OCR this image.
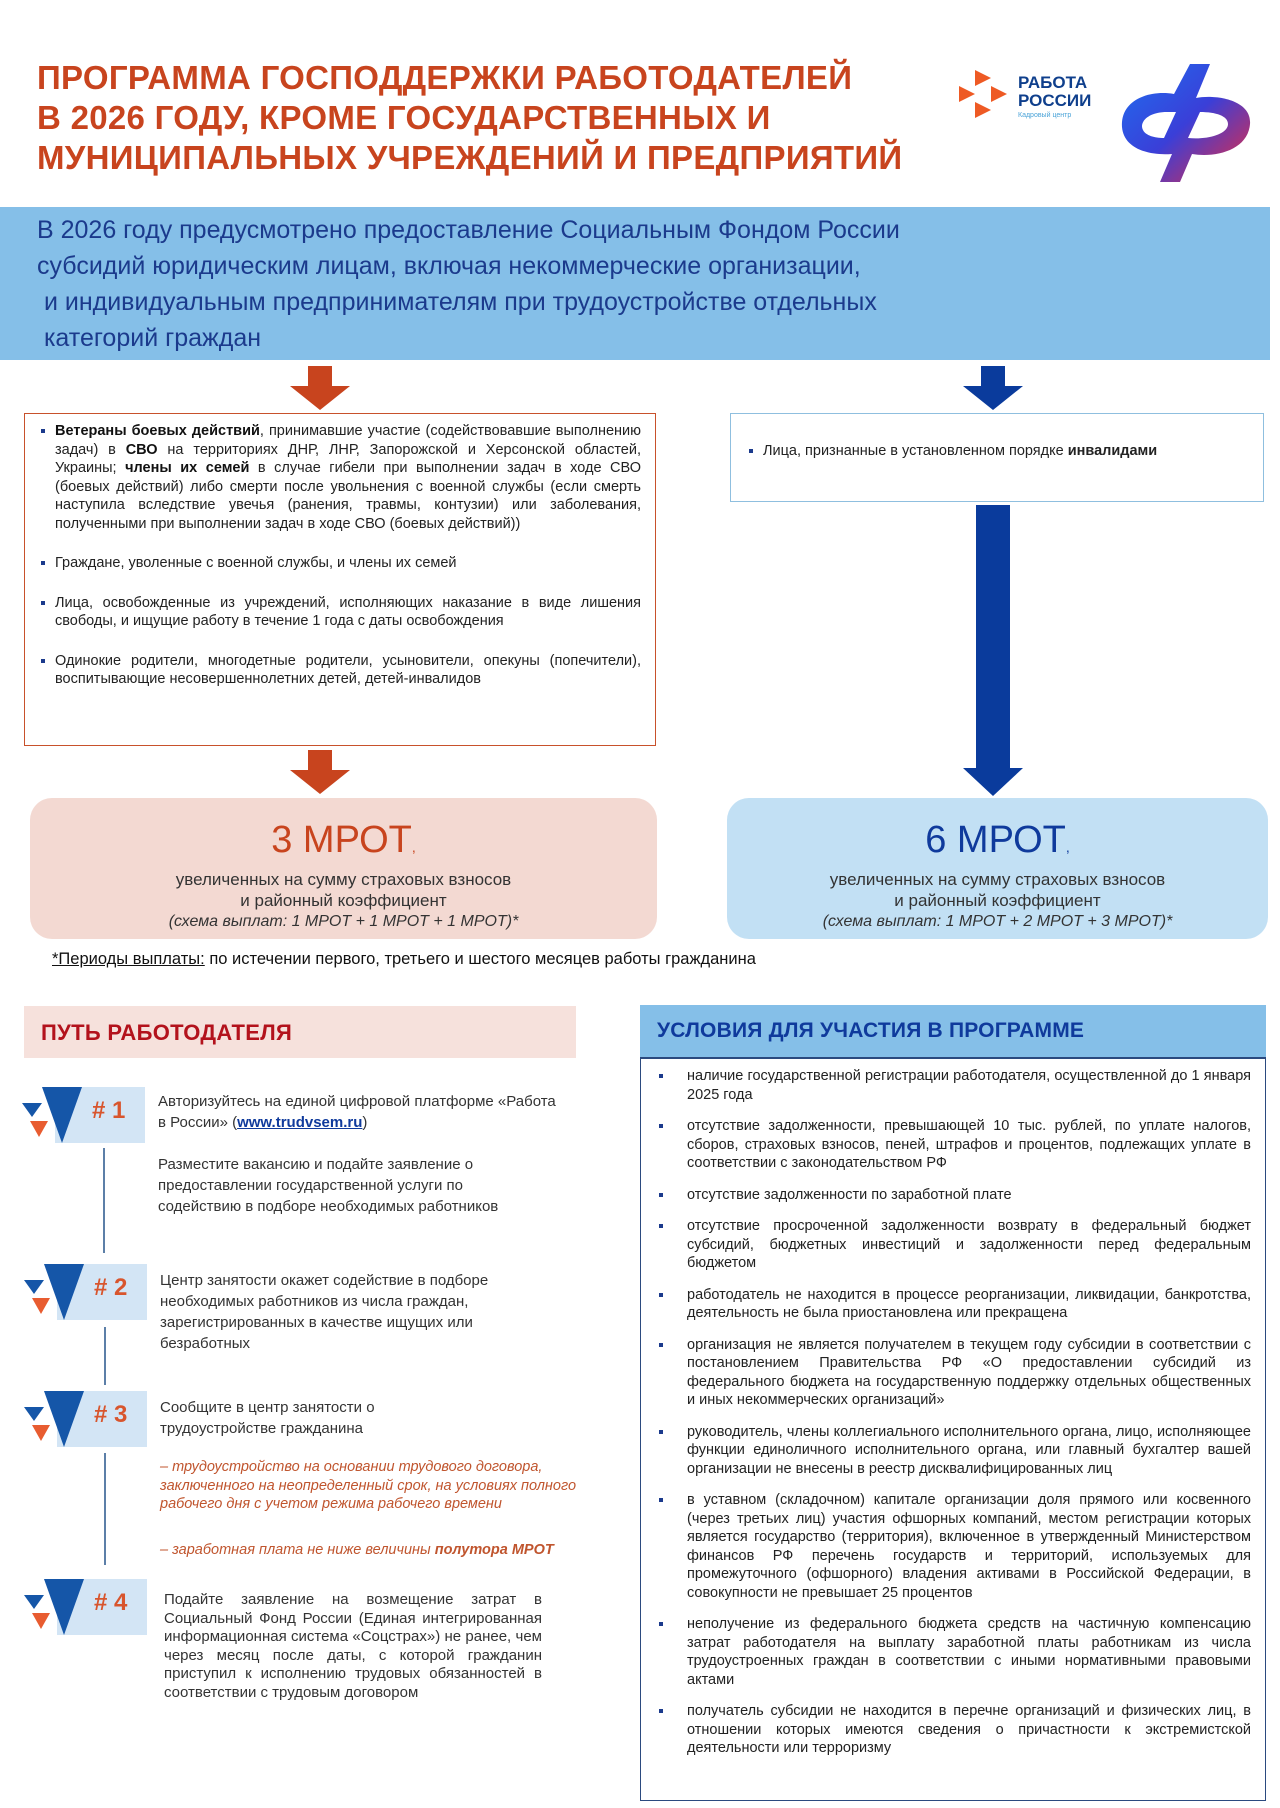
ПРОГРАММА ГОСПОДДЕРЖКИ РАБОТОДАТЕЛЕЙ
В 2026 ГОДУ, КРОМЕ ГОСУДАРСТВЕННЫХ И
МУНИЦИПАЛЬНЫХ УЧРЕЖДЕНИЙ И ПРЕДПРИЯТИЙ
РАБОТА
РОССИИ
Кадровый центр
В 2026 году предусмотрено предоставление Социальным Фондом России
субсидий юридическим лицам, включая некоммерческие организации,
и индивидуальным предпринимателям при трудоустройстве отдельных
категорий граждан
Ветераны боевых действий, принимавшие участие (содействовавшие выполнению задач) в СВО на территориях ДНР, ЛНР, Запорожской и Херсонской областей, Украины; члены их семей в случае гибели при выполнении задач в ходе СВО (боевых действий) либо смерти после увольнения с военной службы (если смерть наступила вследствие увечья (ранения, травмы, контузии) или заболевания, полученными при выполнении задач в ходе СВО (боевых действий))
Граждане, уволенные с военной службы, и члены их семей
Лица, освобожденные из учреждений, исполняющих наказание в виде лишения свободы, и ищущие работу в течение 1 года с даты освобождения
Одинокие родители, многодетные родители, усыновители, опекуны (попечители), воспитывающие несовершеннолетних детей, детей-инвалидов
Лица, признанные в установленном порядке инвалидами
3 МРОТ,
увеличенных на сумму страховых взносов
и районный коэффициент
(схема выплат: 1 МРОТ + 1 МРОТ + 1 МРОТ)*
6 МРОТ,
увеличенных на сумму страховых взносов
и районный коэффициент
(схема выплат: 1 МРОТ + 2 МРОТ + 3 МРОТ)*
*Периоды выплаты: по истечении первого, третьего и шестого месяцев работы гражданина
ПУТЬ РАБОТОДАТЕЛЯ
# 1
# 2
# 3
# 4
Авторизуйтесь на единой цифровой платформе «Работа в России» (www.trudvsem.ru)
Разместите вакансию и подайте заявление о предоставлении государственной услуги по содействию в подборе необходимых работников
Центр занятости окажет содействие в подборе необходимых работников из числа граждан, зарегистрированных в качестве ищущих или безработных
Сообщите в центр занятости о трудоустройстве гражданина
– трудоустройство на основании трудового договора, заключенного на неопределенный срок, на условиях полного рабочего дня с учетом режима рабочего времени
– заработная плата не ниже величины полутора МРОТ
Подайте заявление на возмещение затрат в Социальный Фонд России (Единая интегрированная информационная система «Соцстрах») не ранее, чем через месяц после даты, с которой гражданин приступил к исполнению трудовых обязанностей в соответствии с трудовым договором
УСЛОВИЯ ДЛЯ УЧАСТИЯ В ПРОГРАММЕ
наличие государственной регистрации работодателя, осуществленной до 1 января 2025 года
отсутствие задолженности, превышающей 10 тыс. рублей, по уплате налогов, сборов, страховых взносов, пеней, штрафов и процентов, подлежащих уплате в соответствии с законодательством РФ
отсутствие задолженности по заработной плате
отсутствие просроченной задолженности возврату в федеральный бюджет субсидий, бюджетных инвестиций и задолженности перед федеральным бюджетом
работодатель не находится в процессе реорганизации, ликвидации, банкротства, деятельность не была приостановлена или прекращена
организация не является получателем в текущем году субсидии в соответствии с постановлением Правительства РФ «О предоставлении субсидий из федерального бюджета на государственную поддержку отдельных общественных и иных некоммерческих организаций»
руководитель, члены коллегиального исполнительного органа, лицо, исполняющее функции единоличного исполнительного органа, или главный бухгалтер вашей организации не внесены в реестр дисквалифицированных лиц
в уставном (складочном) капитале организации доля прямого или косвенного (через третьих лиц) участия офшорных компаний, местом регистрации которых является государство (территория), включенное в утвержденный Министерством финансов РФ перечень государств и территорий, используемых для промежуточного (офшорного) владения активами в Российской Федерации, в совокупности не превышает 25 процентов
неполучение из федерального бюджета средств на частичную компенсацию затрат работодателя на выплату заработной платы работникам из числа трудоустроенных граждан в соответствии с иными нормативными правовыми актами
получатель субсидии не находится в перечне организаций и физических лиц, в отношении которых имеются сведения о причастности к экстремистской деятельности или терроризму
